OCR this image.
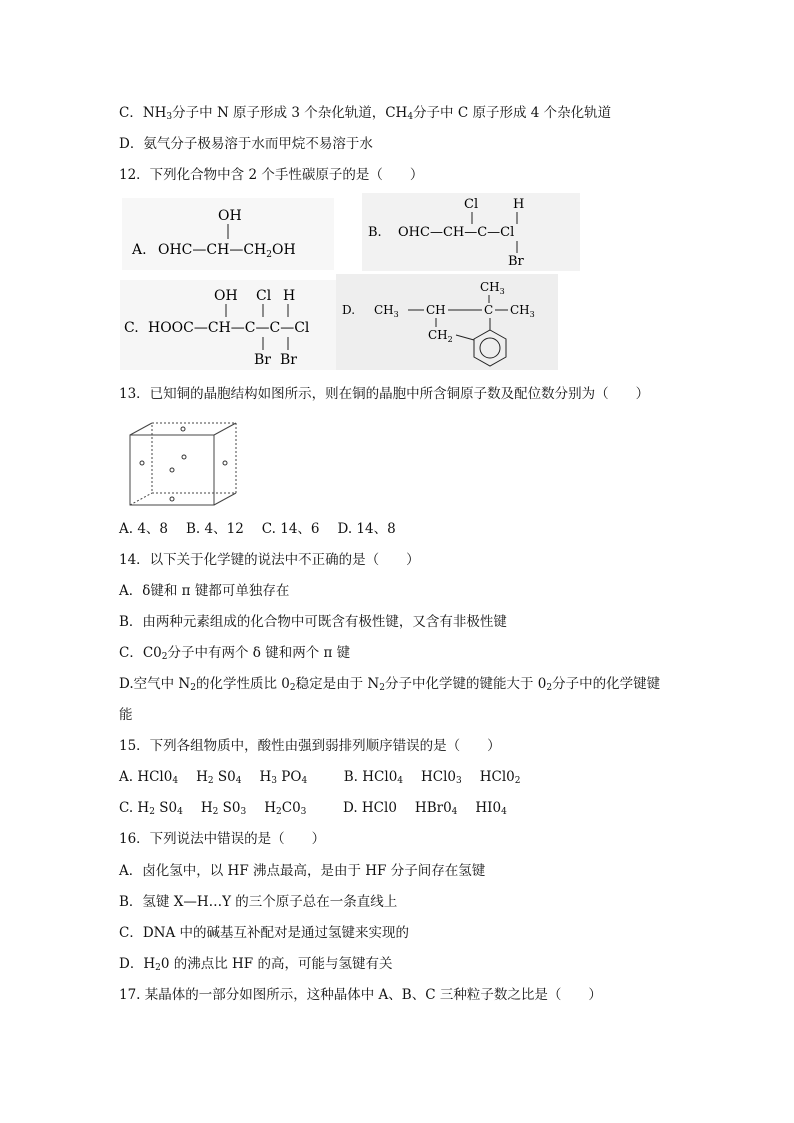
C．$NH_3$分子中 N 原子形成 3 个杂化轨道，$CH_4$分子中 C 原子形成 4 个杂化轨道
D．氨气分子极易溶于水而甲烷不易溶于水
12．下列化合物中含 2 个手性碳原子的是（　　）
OH
A. $OHC—CH—CH_2OH$
Cl	H
B. OHC—CH—C—Cl
Br
OH Cl H
C. HOOC—CH—C—C—Cl
Br Br
$CH_3$
D. $CH_3$ CH	C $CH_3$
$CH_2$
13．已知铜的晶胞结构如图所示，则在铜的晶胞中所含铜原子数及配位数分别为（　　）
A. 4、8 B. 4、12 C. 14、6 D. 14、8
14．以下关于化学键的说法中不正确的是（　　）
A．δ键和 π 键都可单独存在
B．由两种元素组成的化合物中可既含有极性键，又含有非极性键
C．$C0_2$分子中有两个 δ 键和两个 π 键
D.空气中 $N_2$的化学性质比 $0_2$稳定是由于 $N_2$分子中化学键的键能大于 $0_2$分子中的化学键键
能
15．下列各组物质中，酸性由强到弱排列顺序错误的是（　　）
A. $HCl0_4$ $H_2$ $S0_4$ $H_3$ $PO_4$	B. $HCl0_4$ $HCl0_3$ $HCl0_2$
C. $H_2$ $S0_4$ $H_2$ $S0_3$ $H_2C0_3$	D. HCl0 $HBr0_4$ $HI0_4$
16．下列说法中错误的是（　　）
A．卤化氢中，以 HF 沸点最高，是由于 HF 分子间存在氢键
B．氢键 X—H…Y 的三个原子总在一条直线上
C．DNA 中的碱基互补配对是通过氢键来实现的
D．$H_20$ 的沸点比 HF 的高，可能与氢键有关
17. 某晶体的一部分如图所示，这种晶体中 A、B、C 三种粒子数之比是（　　）
